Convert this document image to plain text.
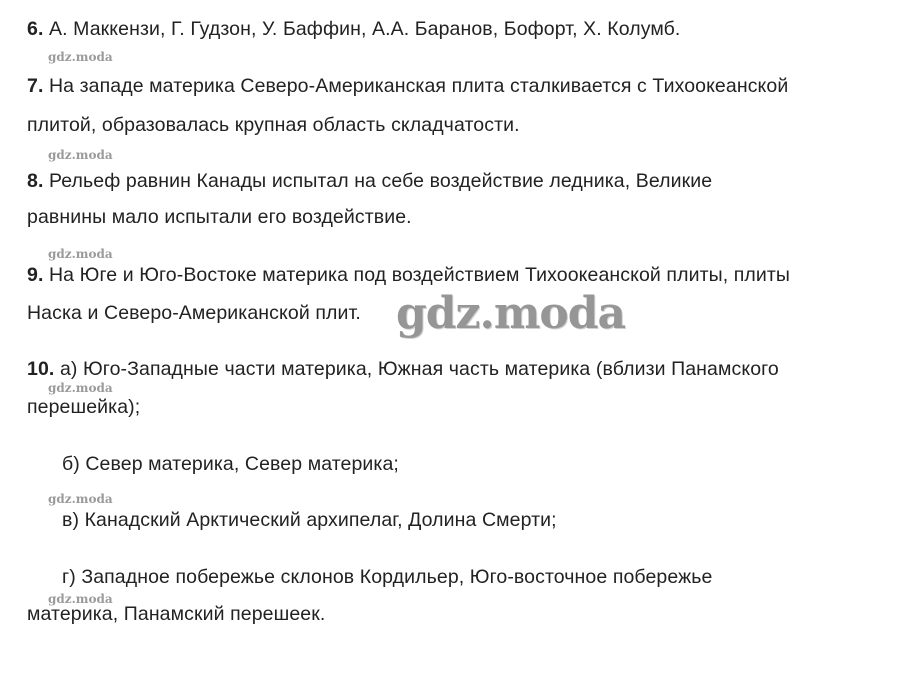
6. А. Маккензи, Г. Гудзон, У. Баффин, А.А. Баранов, Бофорт, Х. Колумб.
gdz.moda
7. На западе материка Северо-Американская плита сталкивается с Тихоокеанской
плитой, образовалась крупная область складчатости.
gdz.moda
8. Рельеф равнин Канады испытал на себе воздействие ледника, Великие
равнины мало испытали его воздействие.
gdz.moda
9. На Юге и Юго-Востоке материка под воздействием Тихоокеанской плиты, плиты
Наска и Северо-Американской плит. gdz.moda
10. а) Юго-Западные части материка, Южная часть материка (вблизи Панамского
gdz.moda
перешейка);
б) Север материка, Север материка;
gdz.moda
в) Канадский Арктический архипелаг, Долина Смерти;
г) Западное побережье склонов Кордильер, Юго-восточное побережье
gdz.moda
материка, Панамский перешеек.
